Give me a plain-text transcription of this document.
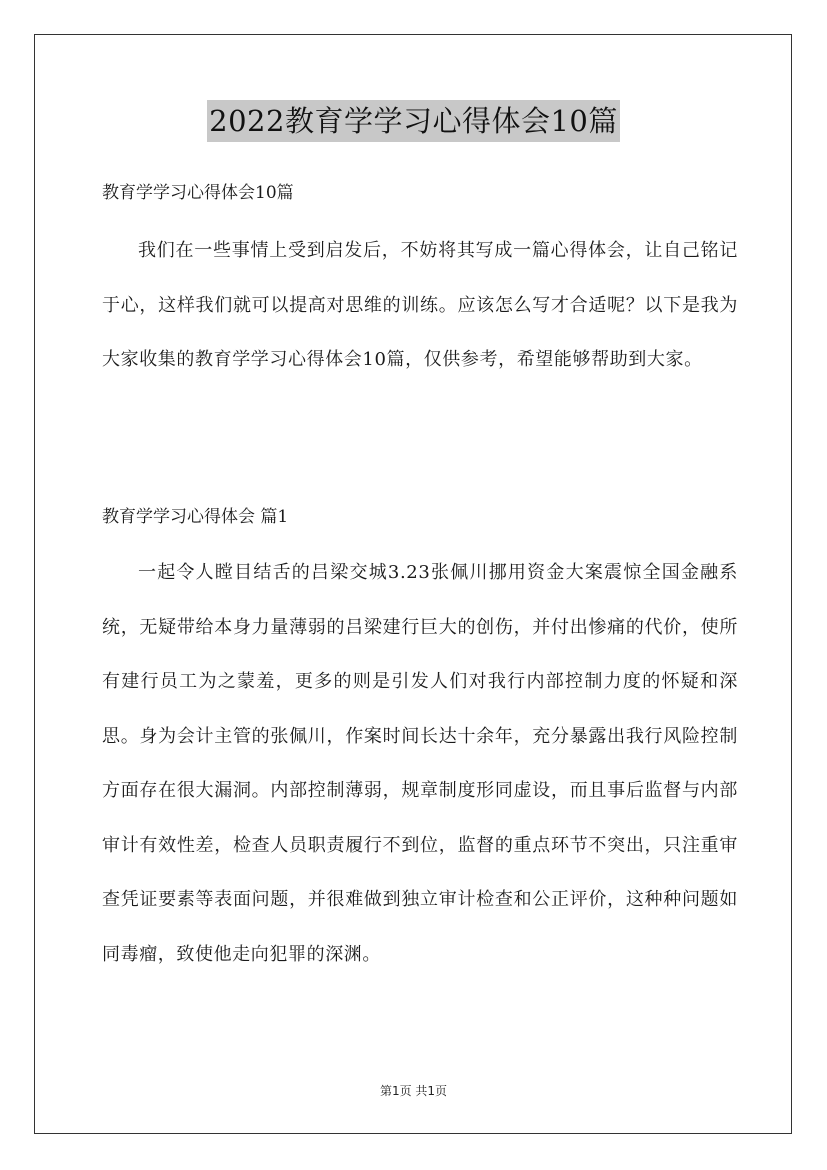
2022教育学学习心得体会10篇
教育学学习心得体会10篇

我们在一些事情上受到启发后，不妨将其写成一篇心得体会，让自己铭记于心，这样我们就可以提高对思维的训练。应该怎么写才合适呢？以下是我为大家收集的教育学学习心得体会10篇，仅供参考，希望能够帮助到大家。

教育学学习心得体会 篇1

一起令人瞠目结舌的吕梁交城3.23张佩川挪用资金大案震惊全国金融系统，无疑带给本身力量薄弱的吕梁建行巨大的创伤，并付出惨痛的代价，使所有建行员工为之蒙羞，更多的则是引发人们对我行内部控制力度的怀疑和深思。身为会计主管的张佩川，作案时间长达十余年，充分暴露出我行风险控制方面存在很大漏洞。内部控制薄弱，规章制度形同虚设，而且事后监督与内部审计有效性差，检查人员职责履行不到位，监督的重点环节不突出，只注重审查凭证要素等表面问题，并很难做到独立审计检查和公正评价，这种种问题如同毒瘤，致使他走向犯罪的深渊。

第1页 共1页
